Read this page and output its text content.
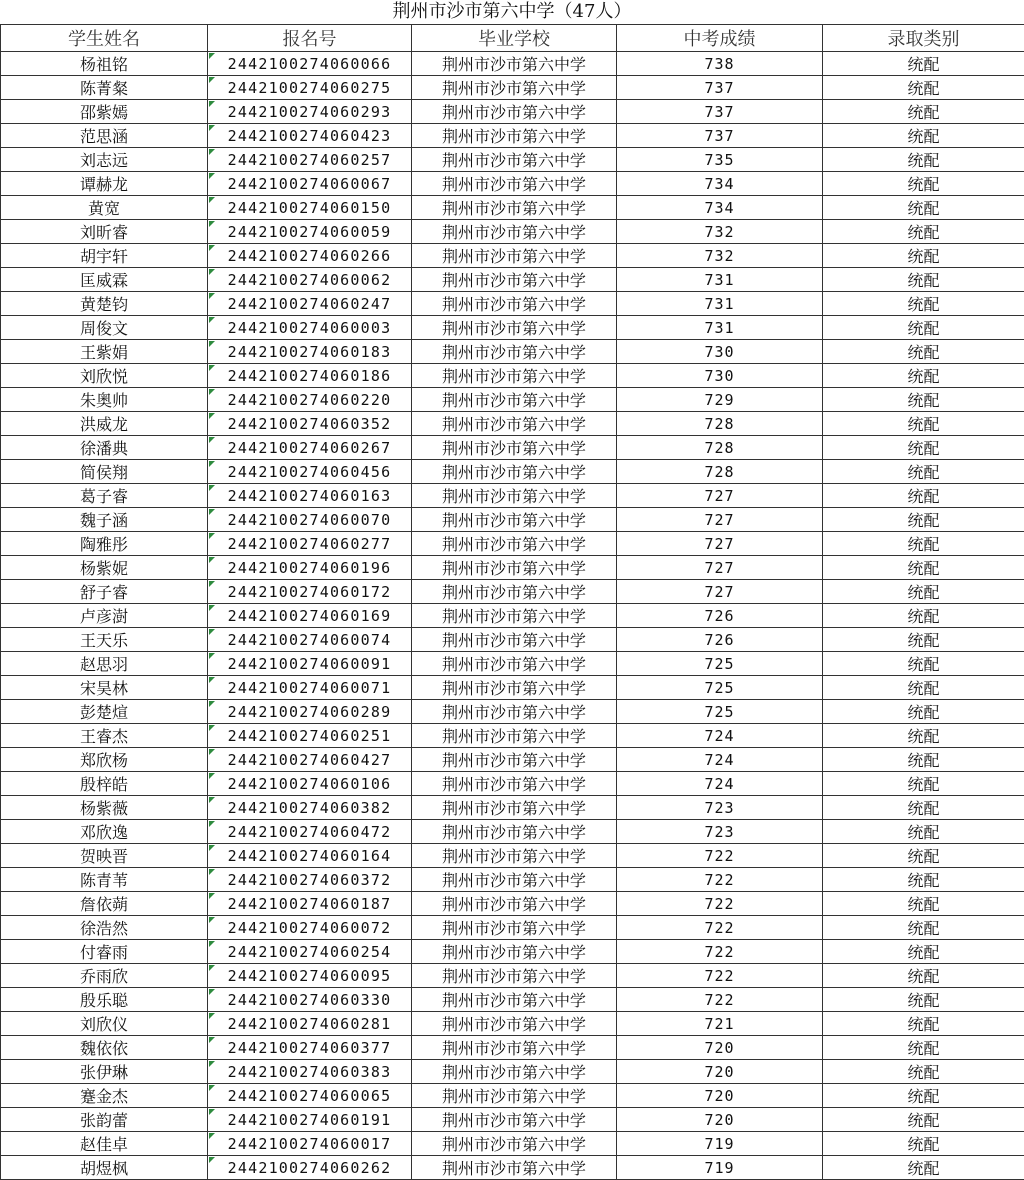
荆州市沙市第六中学（47人）
学生姓名	报名号	毕业学校	中考成绩	录取类别
杨祖铭	2442100274060066	荆州市沙市第六中学	738	统配
陈菁粲	2442100274060275	荆州市沙市第六中学	737	统配
邵紫嫣	2442100274060293	荆州市沙市第六中学	737	统配
范思涵	2442100274060423	荆州市沙市第六中学	737	统配
刘志远	2442100274060257	荆州市沙市第六中学	735	统配
谭赫龙	2442100274060067	荆州市沙市第六中学	734	统配
黄宽	2442100274060150	荆州市沙市第六中学	734	统配
刘昕睿	2442100274060059	荆州市沙市第六中学	732	统配
胡宇轩	2442100274060266	荆州市沙市第六中学	732	统配
匡威霖	2442100274060062	荆州市沙市第六中学	731	统配
黄楚钧	2442100274060247	荆州市沙市第六中学	731	统配
周俊文	2442100274060003	荆州市沙市第六中学	731	统配
王紫娟	2442100274060183	荆州市沙市第六中学	730	统配
刘欣悦	2442100274060186	荆州市沙市第六中学	730	统配
朱奥帅	2442100274060220	荆州市沙市第六中学	729	统配
洪威龙	2442100274060352	荆州市沙市第六中学	728	统配
徐潘典	2442100274060267	荆州市沙市第六中学	728	统配
简侯翔	2442100274060456	荆州市沙市第六中学	728	统配
葛子睿	2442100274060163	荆州市沙市第六中学	727	统配
魏子涵	2442100274060070	荆州市沙市第六中学	727	统配
陶雅彤	2442100274060277	荆州市沙市第六中学	727	统配
杨紫妮	2442100274060196	荆州市沙市第六中学	727	统配
舒子睿	2442100274060172	荆州市沙市第六中学	727	统配
卢彦澍	2442100274060169	荆州市沙市第六中学	726	统配
王天乐	2442100274060074	荆州市沙市第六中学	726	统配
赵思羽	2442100274060091	荆州市沙市第六中学	725	统配
宋昊林	2442100274060071	荆州市沙市第六中学	725	统配
彭楚煊	2442100274060289	荆州市沙市第六中学	725	统配
王睿杰	2442100274060251	荆州市沙市第六中学	724	统配
郑欣杨	2442100274060427	荆州市沙市第六中学	724	统配
殷梓皓	2442100274060106	荆州市沙市第六中学	724	统配
杨紫薇	2442100274060382	荆州市沙市第六中学	723	统配
邓欣逸	2442100274060472	荆州市沙市第六中学	723	统配
贺映晋	2442100274060164	荆州市沙市第六中学	722	统配
陈青苇	2442100274060372	荆州市沙市第六中学	722	统配
詹依蒴	2442100274060187	荆州市沙市第六中学	722	统配
徐浩然	2442100274060072	荆州市沙市第六中学	722	统配
付睿雨	2442100274060254	荆州市沙市第六中学	722	统配
乔雨欣	2442100274060095	荆州市沙市第六中学	722	统配
殷乐聪	2442100274060330	荆州市沙市第六中学	722	统配
刘欣仪	2442100274060281	荆州市沙市第六中学	721	统配
魏依依	2442100274060377	荆州市沙市第六中学	720	统配
张伊琳	2442100274060383	荆州市沙市第六中学	720	统配
蹇金杰	2442100274060065	荆州市沙市第六中学	720	统配
张韵蕾	2442100274060191	荆州市沙市第六中学	720	统配
赵佳卓	2442100274060017	荆州市沙市第六中学	719	统配
胡煜枫	2442100274060262	荆州市沙市第六中学	719	统配
